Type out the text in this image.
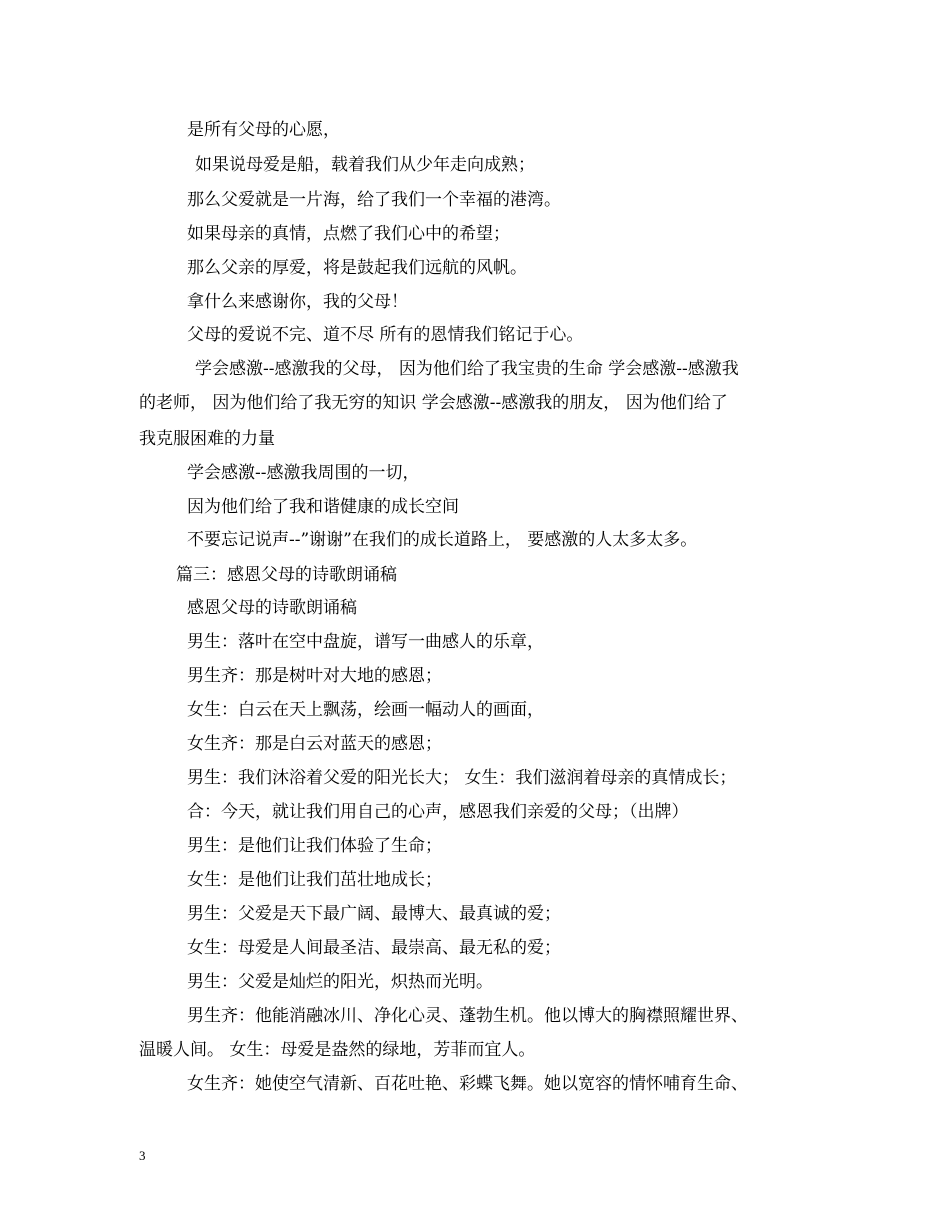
是所有父母的心愿，
如果说母爱是船，载着我们从少年走向成熟；
那么父爱就是一片海，给了我们一个幸福的港湾。
如果母亲的真情，点燃了我们心中的希望；
那么父亲的厚爱，将是鼓起我们远航的风帆。
拿什么来感谢你，我的父母！
父母的爱说不完、道不尽 所有的恩情我们铭记于心。
学会感激--感激我的父母， 因为他们给了我宝贵的生命 学会感激--感激我
的老师， 因为他们给了我无穷的知识 学会感激--感激我的朋友， 因为他们给了
我克服困难的力量
学会感激--感激我周围的一切，
因为他们给了我和谐健康的成长空间
不要忘记说声--”谢谢”在我们的成长道路上， 要感激的人太多太多。
篇三：感恩父母的诗歌朗诵稿
感恩父母的诗歌朗诵稿
男生：落叶在空中盘旋，谱写一曲感人的乐章，
男生齐：那是树叶对大地的感恩；
女生：白云在天上飘荡，绘画一幅动人的画面，
女生齐：那是白云对蓝天的感恩；
男生：我们沐浴着父爱的阳光长大； 女生：我们滋润着母亲的真情成长；
合：今天，就让我们用自己的心声，感恩我们亲爱的父母；（出牌）
男生：是他们让我们体验了生命；
女生：是他们让我们茁壮地成长；
男生：父爱是天下最广阔、最博大、最真诚的爱；
女生：母爱是人间最圣洁、最崇高、最无私的爱；
男生：父爱是灿烂的阳光，炽热而光明。
男生齐：他能消融冰川、净化心灵、蓬勃生机。他以博大的胸襟照耀世界、
温暖人间。 女生：母爱是盎然的绿地，芳菲而宜人。
女生齐：她使空气清新、百花吐艳、彩蝶飞舞。她以宽容的情怀哺育生命、
3
